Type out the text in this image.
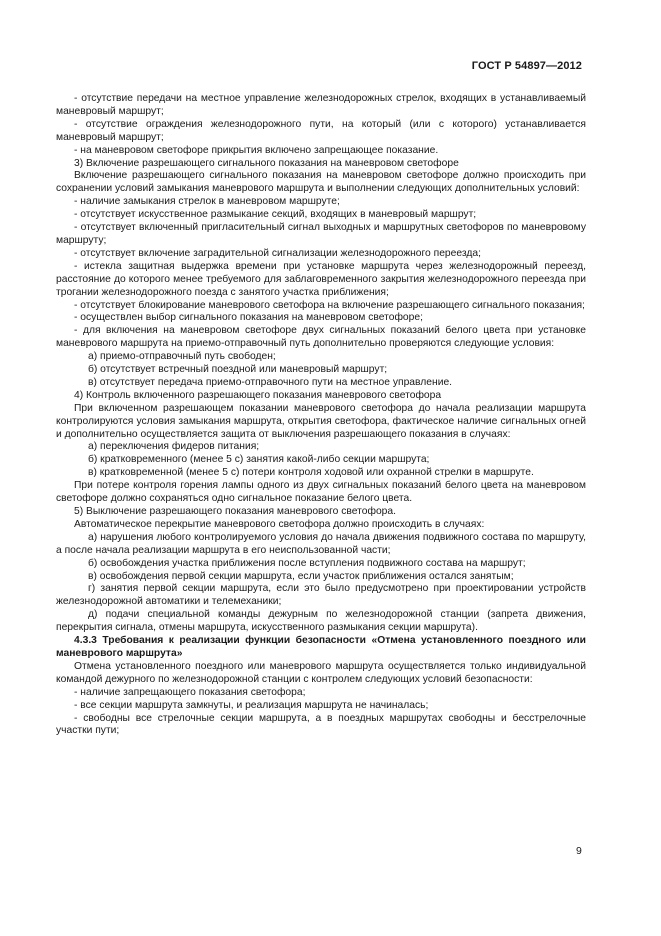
ГОСТ Р 54897—2012

- отсутствие передачи на местное управление железнодорожных стрелок, входящих в устанавливаемый маневровый маршрут;

- отсутствие ограждения железнодорожного пути, на который (или с которого) устанавливается маневровый маршрут;

- на маневровом светофоре прикрытия включено запрещающее показание.

3) Включение разрешающего сигнального показания на маневровом светофоре

Включение разрешающего сигнального показания на маневровом светофоре должно происходить при сохранении условий замыкания маневрового маршрута и выполнении следующих дополнительных условий:

- наличие замыкания стрелок в маневровом маршруте;

- отсутствует искусственное размыкание секций, входящих в маневровый маршрут;

- отсутствует включенный пригласительный сигнал выходных и маршрутных светофоров по маневровому маршруту;

- отсутствует включение заградительной сигнализации железнодорожного переезда;

- истекла защитная выдержка времени при установке маршрута через железнодорожный переезд, расстояние до которого менее требуемого для заблаговременного закрытия железнодорожного переезда при трогании железнодорожного поезда с занятого участка приближения;

- отсутствует блокирование маневрового светофора на включение разрешающего сигнального показания;

- осуществлен выбор сигнального показания на маневровом светофоре;

- для включения на маневровом светофоре двух сигнальных показаний белого цвета при установке маневрового маршрута на приемо-отправочный путь дополнительно проверяются следующие условия:

а) приемо-отправочный путь свободен;

б) отсутствует встречный поездной или маневровый маршрут;

в) отсутствует передача приемо-отправочного пути на местное управление.

4) Контроль включенного разрешающего показания маневрового светофора

При включенном разрешающем показании маневрового светофора до начала реализации маршрута контролируются условия замыкания маршрута, открытия светофора, фактическое наличие сигнальных огней и дополнительно осуществляется защита от выключения разрешающего показания в случаях:

а) переключения фидеров питания;

б) кратковременного (менее 5 с) занятия какой-либо секции маршрута;

в) кратковременной (менее 5 с) потери контроля ходовой или охранной стрелки в маршруте.

При потере контроля горения лампы одного из двух сигнальных показаний белого цвета на маневровом светофоре должно сохраняться одно сигнальное показание белого цвета.

5) Выключение разрешающего показания маневрового светофора.

Автоматическое перекрытие маневрового светофора должно происходить в случаях:

а) нарушения любого контролируемого условия до начала движения подвижного состава по маршруту, а после начала реализации маршрута в его неиспользованной части;

б) освобождения участка приближения после вступления подвижного состава на маршрут;

в) освобождения первой секции маршрута, если участок приближения остался занятым;

г) занятия первой секции маршрута, если это было предусмотрено при проектировании устройств железнодорожной автоматики и телемеханики;

д) подачи специальной команды дежурным по железнодорожной станции (запрета движения, перекрытия сигнала, отмены маршрута, искусственного размыкания секции маршрута).

4.3.3 Требования к реализации функции безопасности «Отмена установленного поездного или маневрового маршрута»

Отмена установленного поездного или маневрового маршрута осуществляется только индивидуальной командой дежурного по железнодорожной станции с контролем следующих условий безопасности:

- наличие запрещающего показания светофора;

- все секции маршрута замкнуты, и реализация маршрута не начиналась;

- свободны все стрелочные секции маршрута, а в поездных маршрутах свободны и бесстрелочные участки пути;

9
